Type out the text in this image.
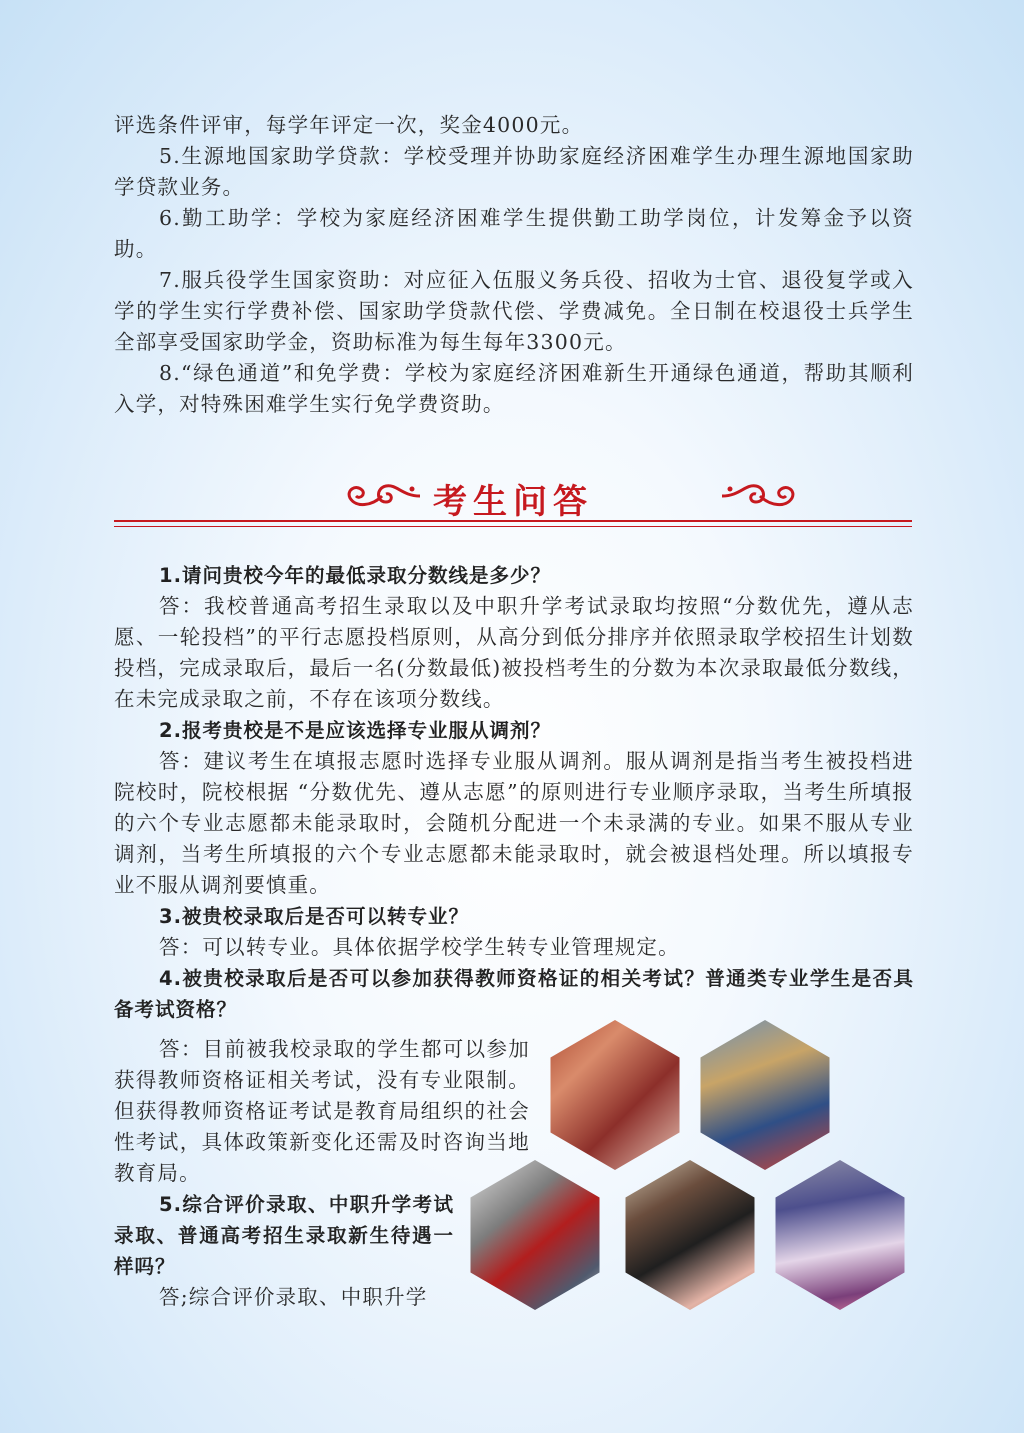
评选条件评审，每学年评定一次，奖金4000元。

5.生源地国家助学贷款：学校受理并协助家庭经济困难学生办理生源地国家助学贷款业务。

6.勤工助学：学校为家庭经济困难学生提供勤工助学岗位，计发筹金予以资助。

7.服兵役学生国家资助：对应征入伍服义务兵役、招收为士官、退役复学或入学的学生实行学费补偿、国家助学贷款代偿、学费减免。全日制在校退役士兵学生全部享受国家助学金，资助标准为每生每年3300元。

8.“绿色通道”和免学费：学校为家庭经济困难新生开通绿色通道，帮助其顺利入学，对特殊困难学生实行免学费资助。

考生问答

1.请问贵校今年的最低录取分数线是多少？

答：我校普通高考招生录取以及中职升学考试录取均按照“分数优先，遵从志愿、一轮投档”的平行志愿投档原则，从高分到低分排序并依照录取学校招生计划数投档，完成录取后，最后一名(分数最低)被投档考生的分数为本次录取最低分数线，在未完成录取之前，不存在该项分数线。

2.报考贵校是不是应该选择专业服从调剂？

答：建议考生在填报志愿时选择专业服从调剂。服从调剂是指当考生被投档进院校时，院校根据 “分数优先、遵从志愿”的原则进行专业顺序录取，当考生所填报的六个专业志愿都未能录取时，会随机分配进一个未录满的专业。如果不服从专业调剂，当考生所填报的六个专业志愿都未能录取时，就会被退档处理。所以填报专业不服从调剂要慎重。

3.被贵校录取后是否可以转专业？

答：可以转专业。具体依据学校学生转专业管理规定。

4.被贵校录取后是否可以参加获得教师资格证的相关考试？普通类专业学生是否具备考试资格？

答：目前被我校录取的学生都可以参加获得教师资格证相关考试，没有专业限制。但获得教师资格证考试是教育局组织的社会性考试，具体政策新变化还需及时咨询当地教育局。

5.综合评价录取、中职升学考试录取、普通高考招生录取新生待遇一样吗？

答;综合评价录取、中职升学
